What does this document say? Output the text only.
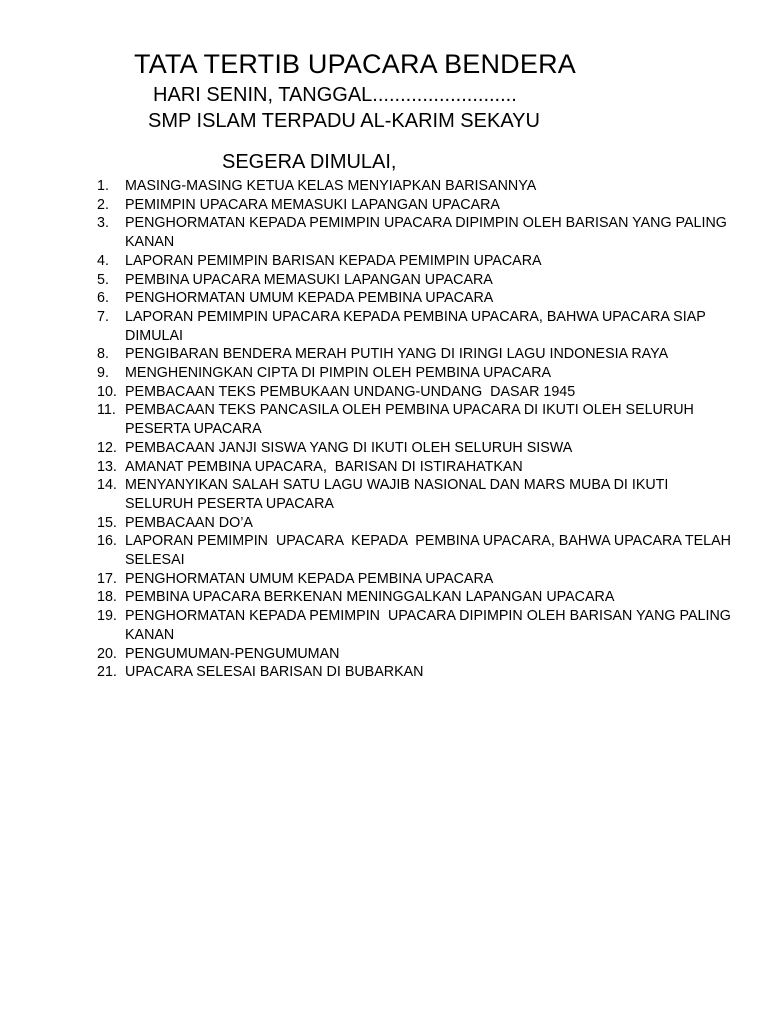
TATA TERTIB UPACARA BENDERA

HARI SENIN, TANGGAL..........................

SMP ISLAM TERPADU AL-KARIM SEKAYU

SEGERA DIMULAI,

1.	MASING-MASING KETUA KELAS MENYIAPKAN BARISANNYA
2.	PEMIMPIN UPACARA MEMASUKI LAPANGAN UPACARA
3.	PENGHORMATAN KEPADA PEMIMPIN UPACARA DIPIMPIN OLEH BARISAN YANG PALING KANAN
4.	LAPORAN PEMIMPIN BARISAN KEPADA PEMIMPIN UPACARA
5.	PEMBINA UPACARA MEMASUKI LAPANGAN UPACARA
6.	PENGHORMATAN UMUM KEPADA PEMBINA UPACARA
7.	LAPORAN PEMIMPIN UPACARA KEPADA PEMBINA UPACARA, BAHWA UPACARA SIAP DIMULAI
8.	PENGIBARAN BENDERA MERAH PUTIH YANG DI IRINGI LAGU INDONESIA RAYA
9.	MENGHENINGKAN CIPTA DI PIMPIN OLEH PEMBINA UPACARA
10. PEMBACAAN TEKS PEMBUKAAN UNDANG-UNDANG  DASAR 1945
11. PEMBACAAN TEKS PANCASILA OLEH PEMBINA UPACARA DI IKUTI OLEH SELURUH PESERTA UPACARA
12. PEMBACAAN JANJI SISWA YANG DI IKUTI OLEH SELURUH SISWA
13. AMANAT PEMBINA UPACARA,  BARISAN DI ISTIRAHATKAN
14. MENYANYIKAN SALAH SATU LAGU WAJIB NASIONAL DAN MARS MUBA DI IKUTI SELURUH PESERTA UPACARA
15. PEMBACAAN DO’A
16. LAPORAN PEMIMPIN  UPACARA  KEPADA  PEMBINA UPACARA, BAHWA UPACARA TELAH SELESAI
17. PENGHORMATAN UMUM KEPADA PEMBINA UPACARA
18. PEMBINA UPACARA BERKENAN MENINGGALKAN LAPANGAN UPACARA
19. PENGHORMATAN KEPADA PEMIMPIN  UPACARA DIPIMPIN OLEH BARISAN YANG PALING KANAN
20. PENGUMUMAN-PENGUMUMAN
21. UPACARA SELESAI BARISAN DI BUBARKAN
